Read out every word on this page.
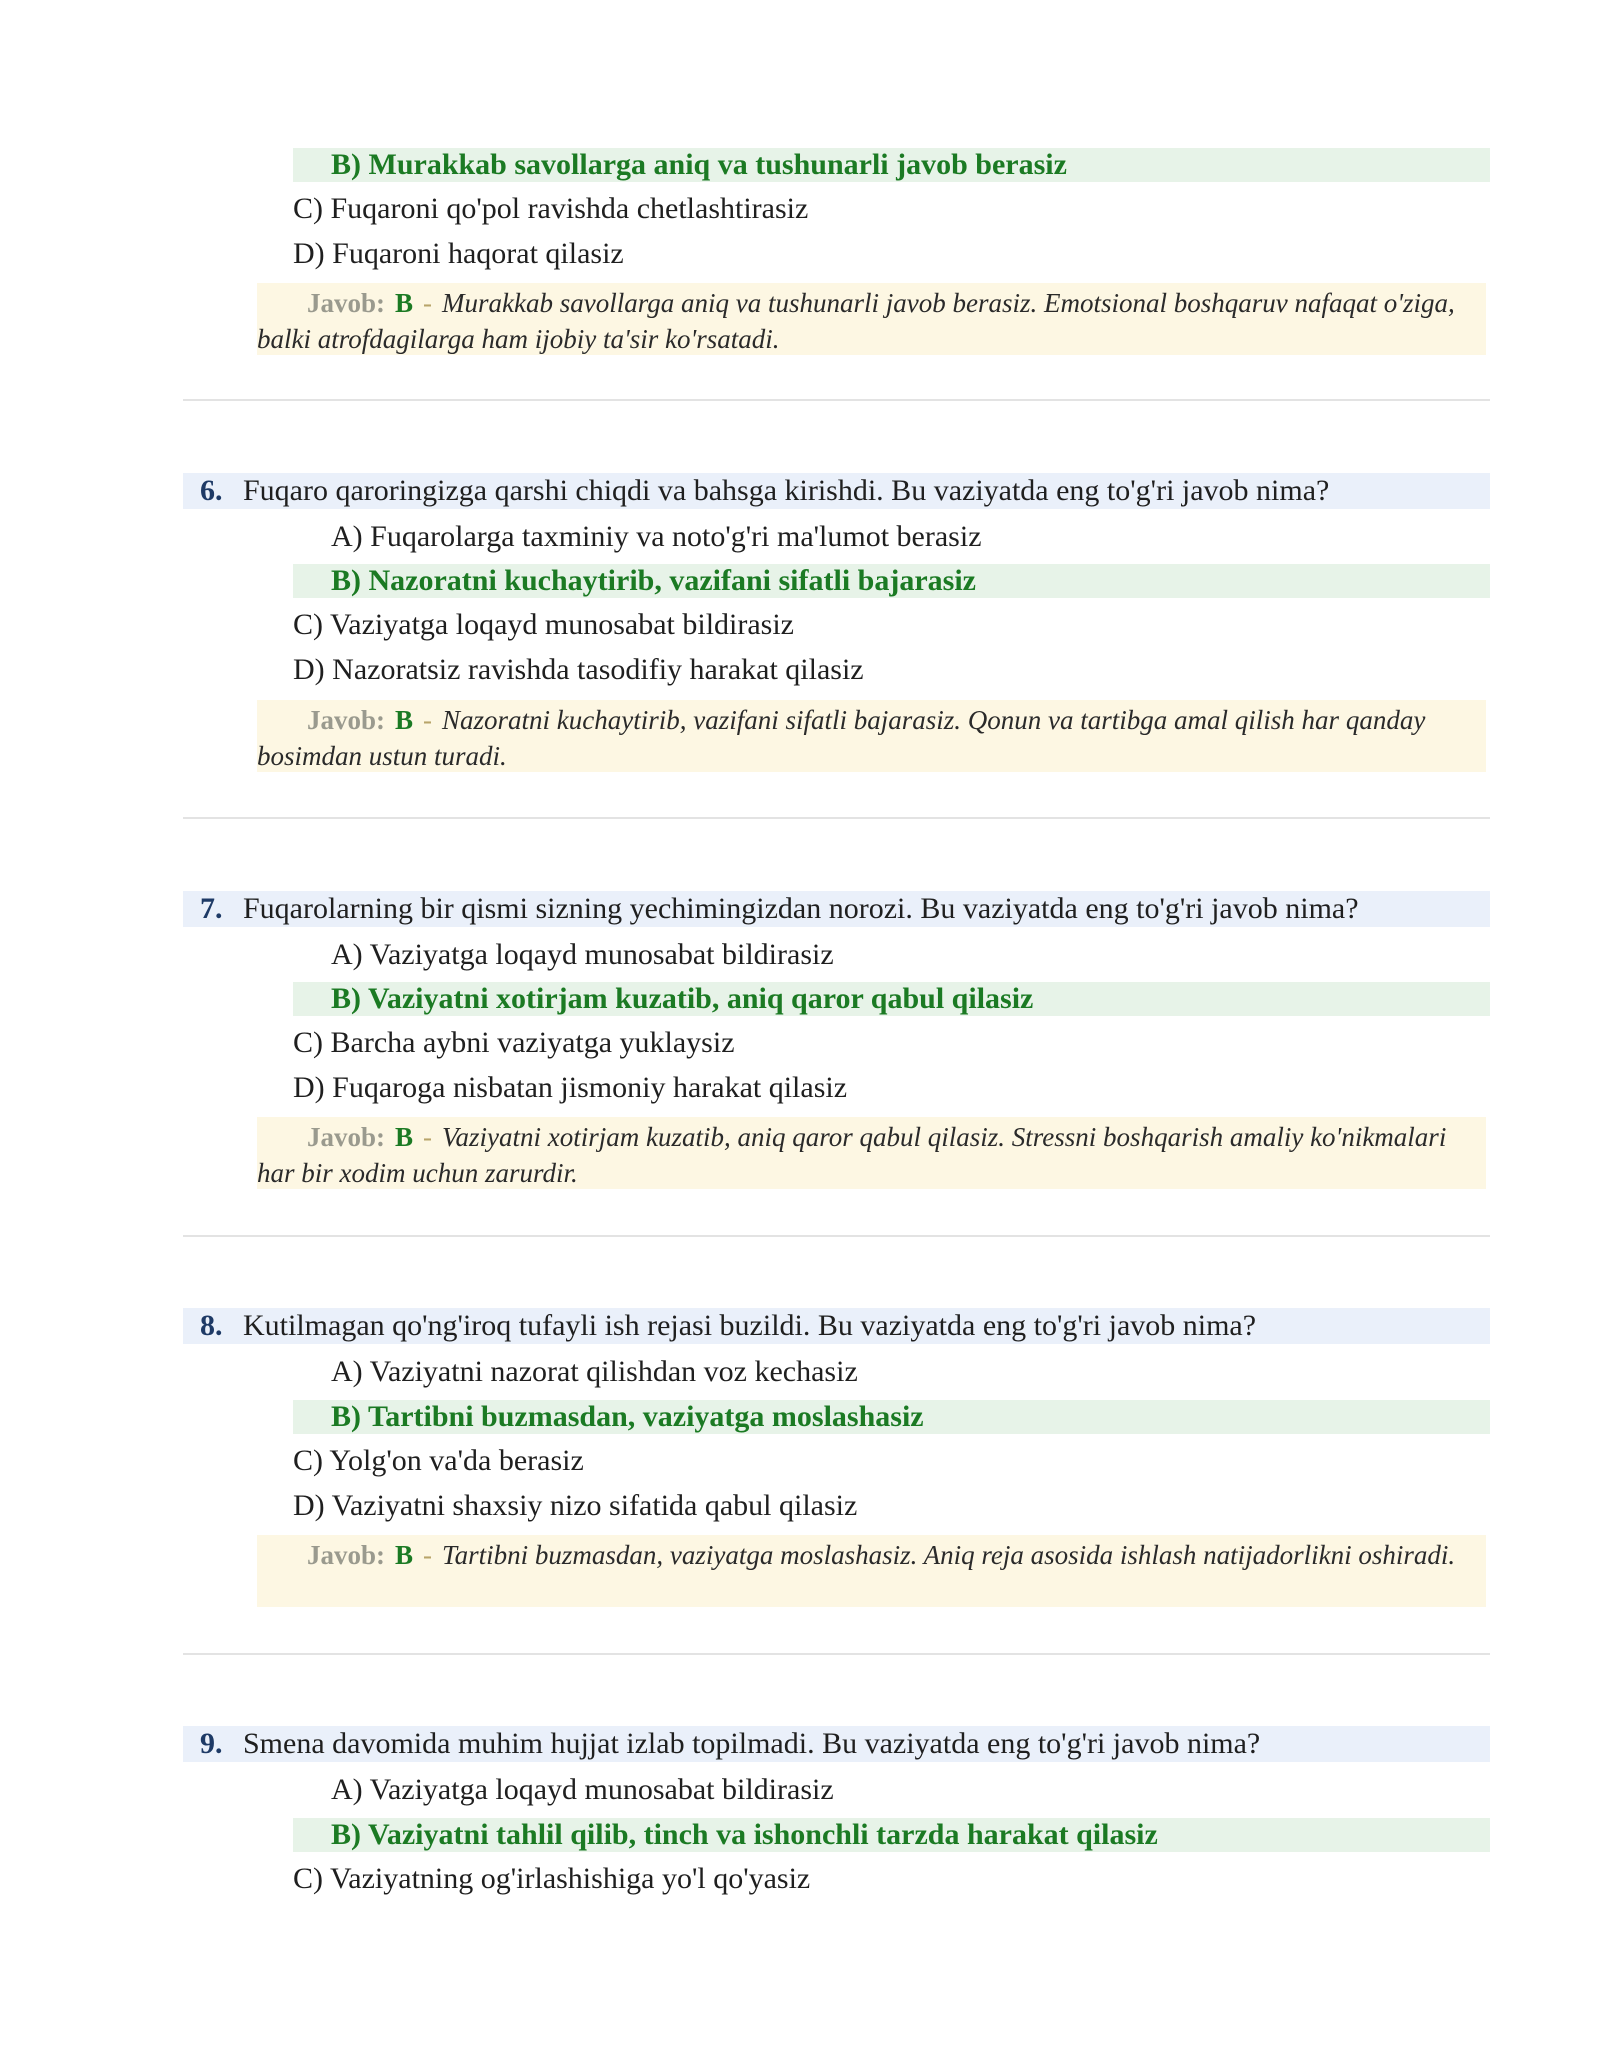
B) Murakkab savollarga aniq va tushunarli javob berasiz
C) Fuqaroni qo'pol ravishda chetlashtirasiz
D) Fuqaroni haqorat qilasiz
Javob: B - Murakkab savollarga aniq va tushunarli javob berasiz. Emotsional boshqaruv nafaqat o'ziga, balki atrofdagilarga ham ijobiy ta'sir ko'rsatadi.
6. Fuqaro qaroringizga qarshi chiqdi va bahsga kirishdi. Bu vaziyatda eng to'g'ri javob nima?
A) Fuqarolarga taxminiy va noto'g'ri ma'lumot berasiz
B) Nazoratni kuchaytirib, vazifani sifatli bajarasiz
C) Vaziyatga loqayd munosabat bildirasiz
D) Nazoratsiz ravishda tasodifiy harakat qilasiz
Javob: B - Nazoratni kuchaytirib, vazifani sifatli bajarasiz. Qonun va tartibga amal qilish har qanday bosimdan ustun turadi.
7. Fuqarolarning bir qismi sizning yechimingizdan norozi. Bu vaziyatda eng to'g'ri javob nima?
A) Vaziyatga loqayd munosabat bildirasiz
B) Vaziyatni xotirjam kuzatib, aniq qaror qabul qilasiz
C) Barcha aybni vaziyatga yuklaysiz
D) Fuqaroga nisbatan jismoniy harakat qilasiz
Javob: B - Vaziyatni xotirjam kuzatib, aniq qaror qabul qilasiz. Stressni boshqarish amaliy ko'nikmalari har bir xodim uchun zarurdir.
8. Kutilmagan qo'ng'iroq tufayli ish rejasi buzildi. Bu vaziyatda eng to'g'ri javob nima?
A) Vaziyatni nazorat qilishdan voz kechasiz
B) Tartibni buzmasdan, vaziyatga moslashasiz
C) Yolg'on va'da berasiz
D) Vaziyatni shaxsiy nizo sifatida qabul qilasiz
Javob: B - Tartibni buzmasdan, vaziyatga moslashasiz. Aniq reja asosida ishlash natijadorlikni oshiradi.
9. Smena davomida muhim hujjat izlab topilmadi. Bu vaziyatda eng to'g'ri javob nima?
A) Vaziyatga loqayd munosabat bildirasiz
B) Vaziyatni tahlil qilib, tinch va ishonchli tarzda harakat qilasiz
C) Vaziyatning og'irlashishiga yo'l qo'yasiz
